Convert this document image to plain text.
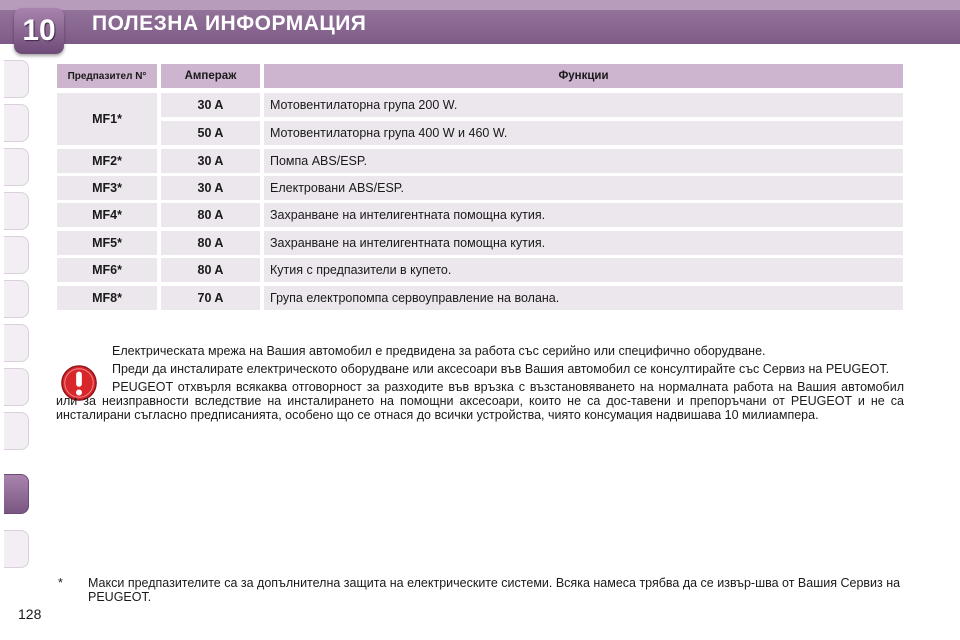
10	ПОЛЕЗНА ИНФОРМАЦИЯ
Предпазител N°	Ампераж	Функции
MF1*
30 A	Мотовентилаторна група 200 W.
50 A	Мотовентилаторна група 400 W и 460 W.
MF2*	30 A	Помпа ABS/ESP.
MF3*	30 A	Електровани ABS/ESP.
MF4*	80 A	Захранване на интелигентната помощна кутия.
MF5*	80 A	Захранване на интелигентната помощна кутия.
MF6*	80 A	Кутия с предпазители в купето.
MF8*	70 A	Група електропомпа сервоуправление на волана.

Електрическата мрежа на Вашия автомобил е предвидена за работа със серийно или специфично оборудване.

Преди да инсталирате електрическото оборудване или аксесоари във Вашия автомобил се консултирайте със Сервиз на PEUGEOT.

PEUGEOT отхвърля всякаква отговорност за разходите във връзка с възстановяването на нормалната работа на Вашия автомобил или за неизправности вследствие на инсталирането на помощни аксесоари, които не са дос-тавени и препоръчани от PEUGEOT и не са инсталирани съгласно предписанията, особено що се отнася до всички устройства, чиято консумация надвишава 10 милиампера.

* Макси предпазителите са за допълнителна защита на електрическите системи. Всяка намеса трябва да се извър-шва от Вашия Сервиз на PEUGEOT.
128
